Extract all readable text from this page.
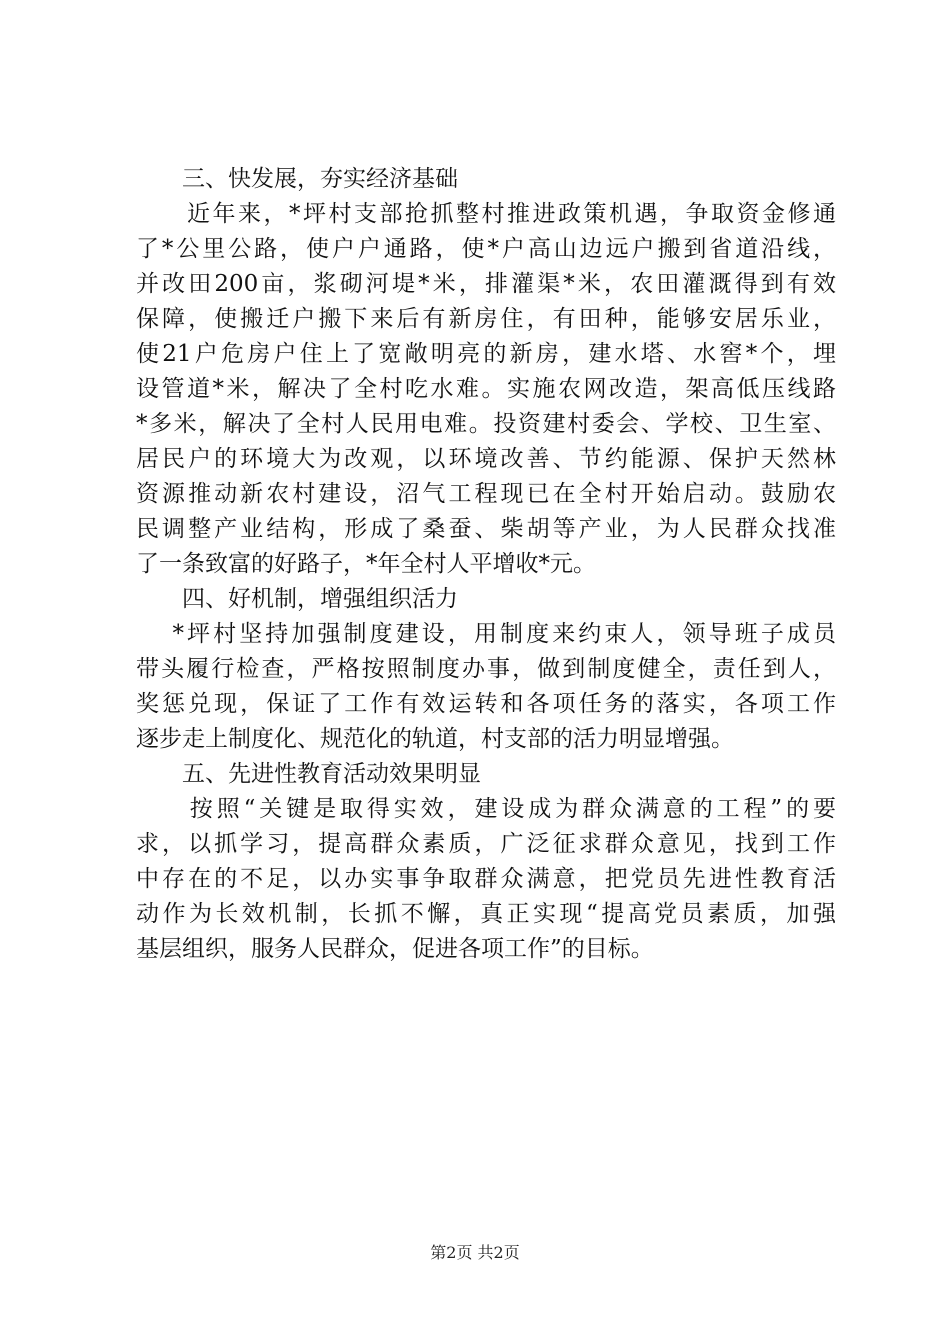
　　三、快发展，夯实经济基础
　　近年来，*坪村支部抢抓整村推进政策机遇，争取资金修通
了*公里公路，使户户通路，使*户高山边远户搬到省道沿线，
并改田200亩，浆砌河堤*米，排灌渠*米，农田灌溉得到有效
保障，使搬迁户搬下来后有新房住，有田种，能够安居乐业，
使21户危房户住上了宽敞明亮的新房，建水塔、水窖*个，埋
设管道*米，解决了全村吃水难。实施农网改造，架高低压线路
*多米，解决了全村人民用电难。投资建村委会、学校、卫生室、
居民户的环境大为改观，以环境改善、节约能源、保护天然林
资源推动新农村建设，沼气工程现已在全村开始启动。鼓励农
民调整产业结构，形成了桑蚕、柴胡等产业，为人民群众找准
了一条致富的好路子，*年全村人平增收*元。
　　四、好机制，增强组织活力
　 *坪村坚持加强制度建设，用制度来约束人，领导班子成员
带头履行检查，严格按照制度办事，做到制度健全，责任到人，
奖惩兑现，保证了工作有效运转和各项任务的落实，各项工作
逐步走上制度化、规范化的轨道，村支部的活力明显增强。
　　五、先进性教育活动效果明显
　　按照“关键是取得实效，建设成为群众满意的工程”的要
求，以抓学习，提高群众素质，广泛征求群众意见，找到工作
中存在的不足，以办实事争取群众满意，把党员先进性教育活
动作为长效机制，长抓不懈，真正实现“提高党员素质，加强
基层组织，服务人民群众，促进各项工作”的目标。
第2页 共2页
